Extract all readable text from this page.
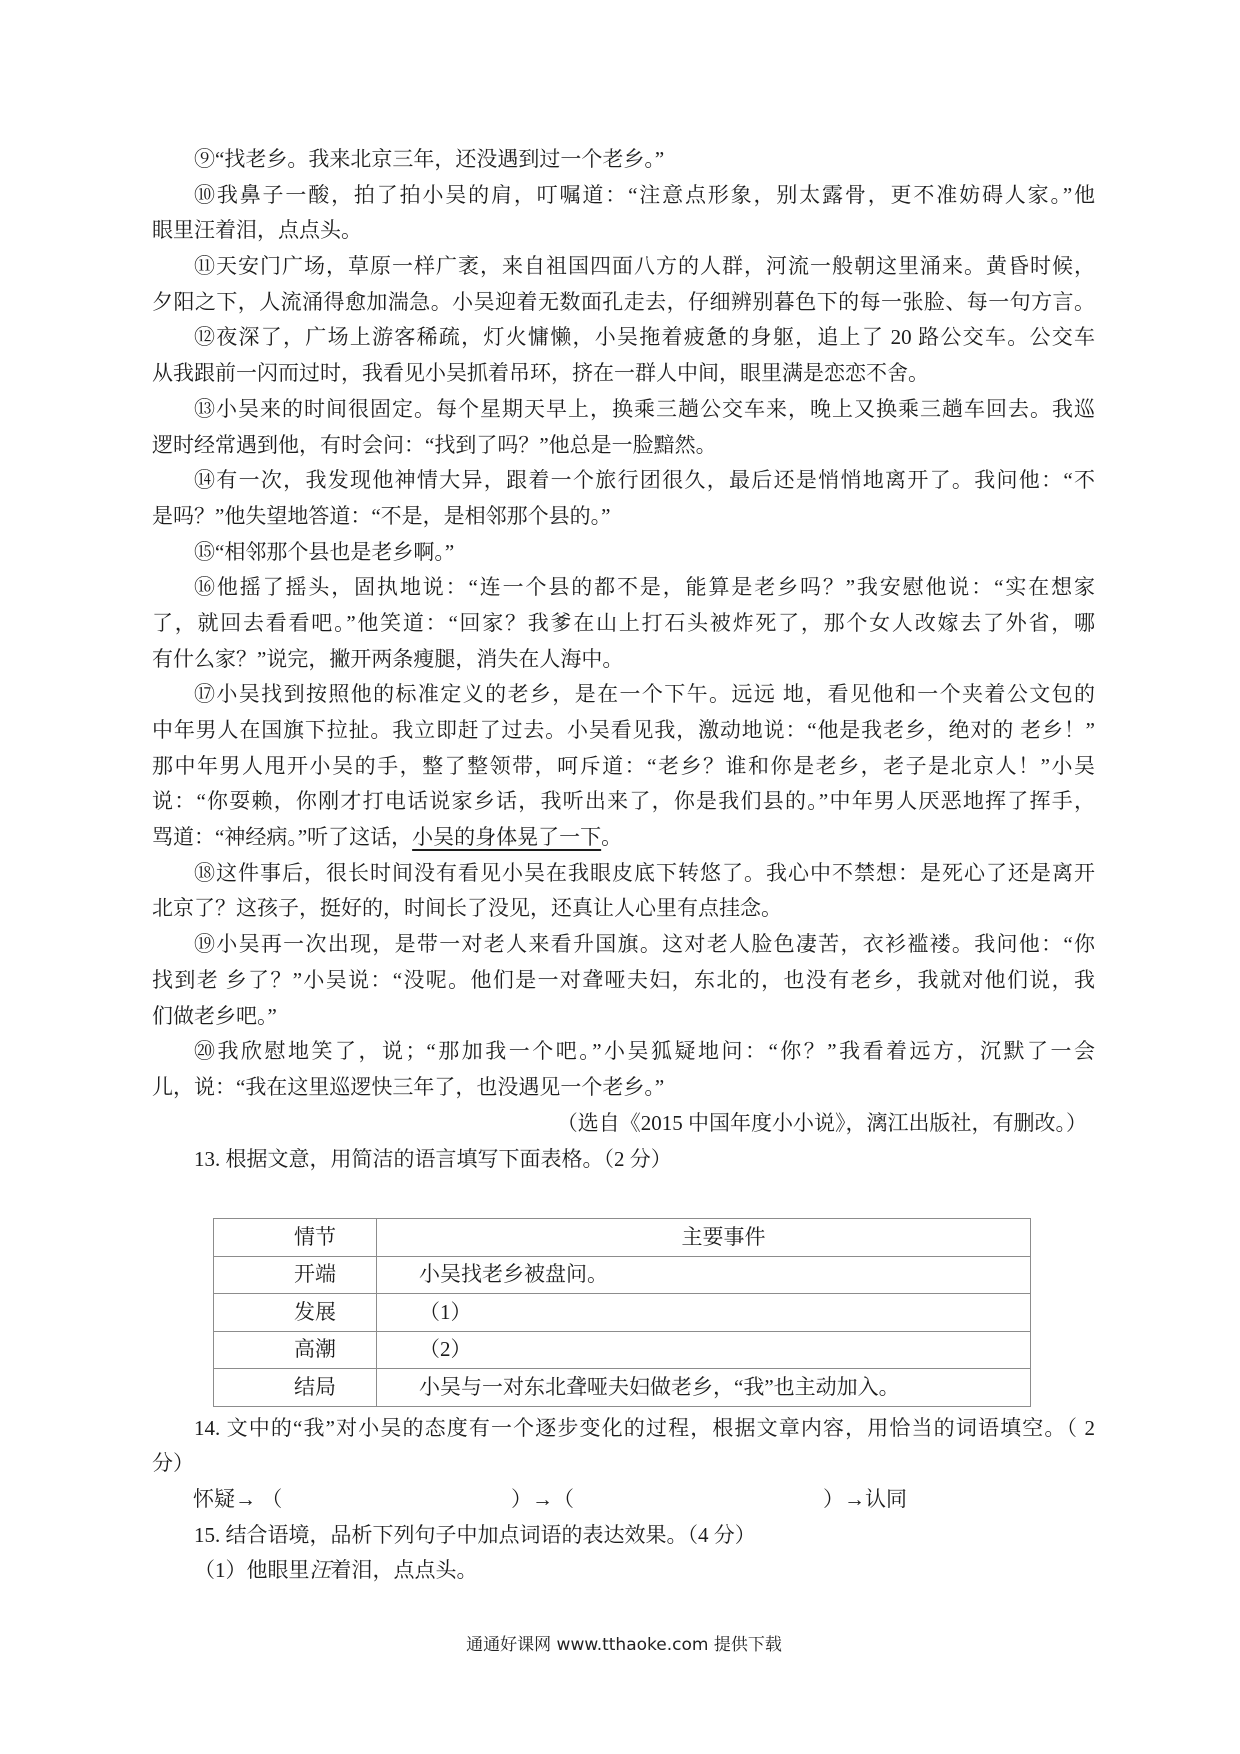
⑨“找老乡。我来北京三年，还没遇到过一个老乡。”
⑩我鼻子一酸，拍了拍小吴的肩，叮嘱道：“注意点形象，别太露骨，更不准妨碍人家。”他
眼里汪着泪，点点头。
⑪天安门广场，草原一样广袤，来自祖国四面八方的人群，河流一般朝这里涌来。黄昏时候，
夕阳之下，人流涌得愈加湍急。小吴迎着无数面孔走去，仔细辨别暮色下的每一张脸、每一句方言。
⑫夜深了，广场上游客稀疏，灯火慵懒，小吴拖着疲惫的身躯，追上了 20 路公交车。公交车
从我跟前一闪而过时，我看见小吴抓着吊环，挤在一群人中间，眼里满是恋恋不舍。
⑬小吴来的时间很固定。每个星期天早上，换乘三趟公交车来，晚上又换乘三趟车回去。我巡
逻时经常遇到他，有时会问：“找到了吗？”他总是一脸黯然。
⑭有一次，我发现他神情大异，跟着一个旅行团很久，最后还是悄悄地离开了。我问他：“不
是吗？”他失望地答道：“不是，是相邻那个县的。”
⑮“相邻那个县也是老乡啊。”
⑯他摇了摇头，固执地说：“连一个县的都不是，能算是老乡吗？”我安慰他说：“实在想家
了，就回去看看吧。”他笑道：“回家？我爹在山上打石头被炸死了，那个女人改嫁去了外省，哪
有什么家？”说完，撇开两条瘦腿，消失在人海中。
⑰小吴找到按照他的标准定义的老乡，是在一个下午。远远 地，看见他和一个夹着公文包的
中年男人在国旗下拉扯。我立即赶了过去。小吴看见我，激动地说：“他是我老乡，绝对的 老乡！”
那中年男人甩开小吴的手，整了整领带，呵斥道：“老乡？谁和你是老乡，老子是北京人！”小吴
说：“你耍赖，你刚才打电话说家乡话，我听出来了，你是我们县的。”中年男人厌恶地挥了挥手，
骂道：“神经病。”听了这话，小吴的身体晃了一下。
⑱这件事后，很长时间没有看见小吴在我眼皮底下转悠了。我心中不禁想：是死心了还是离开
北京了？这孩子，挺好的，时间长了没见，还真让人心里有点挂念。
⑲小吴再一次出现，是带一对老人来看升国旗。这对老人脸色凄苦，衣衫褴褛。我问他：“你
找到老 乡了？”小吴说：“没呢。他们是一对聋哑夫妇，东北的，也没有老乡，我就对他们说，我
们做老乡吧。”
⑳我欣慰地笑了，说；“那加我一个吧。”小吴狐疑地问：“你？”我看着远方，沉默了一会
儿，说：“我在这里巡逻快三年了，也没遇见一个老乡。”
（选自《2015 中国年度小小说》，漓江出版社，有删改。）
13. 根据文意，用简洁的语言填写下面表格。（2 分）
情节	主要事件
开端	小吴找老乡被盘问。
发展	（1）
高潮	（2）
结局	小吴与一对东北聋哑夫妇做老乡，“我”也主动加入。
14. 文中的“我”对小吴的态度有一个逐步变化的过程，根据文章内容，用恰当的词语填空。（ 2
分）
怀疑→ （	）→（	）→认同
15. 结合语境，品析下列句子中加点词语的表达效果。（4 分）
（1）他眼里汪着泪，点点头。
通通好课网 www.tthaoke.com 提供下载
